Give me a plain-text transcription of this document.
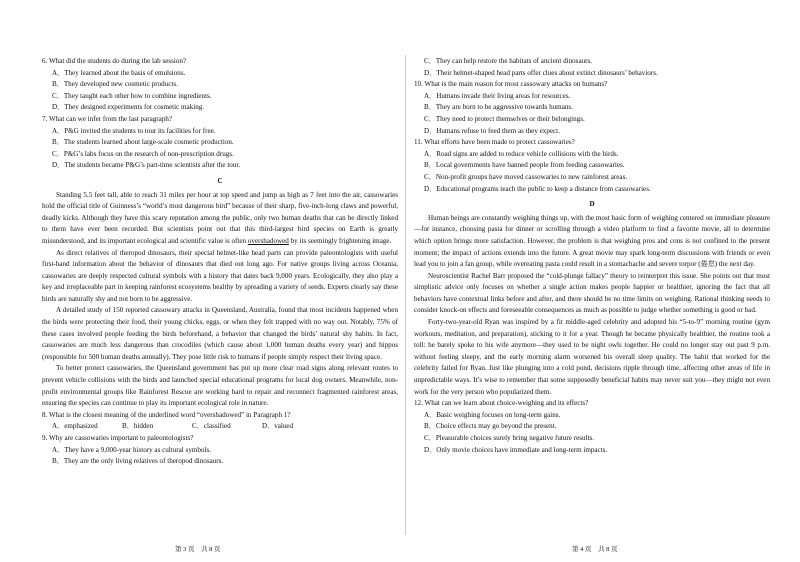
6. What did the students do during the lab session?

A．They learned about the basis of emulsions.

B．They developed new cosmetic products.

C．They taught each other how to combine ingredients.

D．They designed experiments for cosmetic making.

7. What can we infer from the last paragraph?

A．P&G invited the students to tour its facilities for free.

B．The students learned about large-scale cosmetic production.

C．P&G’s labs focus on the research of non-prescription drugs.

D．The students became P&G’s part-time scientists after the tour.

C

Standing 5.5 feet tall, able to reach 31 miles per hour at top speed and jump as high as 7 feet into the air, cassowaries hold the official title of Guinness’s “world’s most dangerous bird” because of their sharp, five-inch-long claws and powerful, deadly kicks. Although they have this scary reputation among the public, only two human deaths that can be directly linked to them have ever been recorded. But scientists point out that this third-largest bird species on Earth is greatly misunderstood, and its important ecological and scientific value is often overshadowed by its seemingly frightening image.

As direct relatives of theropod dinosaurs, their special helmet-like head parts can provide paleontologists with useful first-hand information about the behavior of dinosaurs that died out long ago. For native groups living across Oceania, cassowaries are deeply respected cultural symbols with a history that dates back 9,000 years. Ecologically, they also play a key and irreplaceable part in keeping rainforest ecosystems healthy by spreading a variety of seeds. Experts clearly say these birds are naturally shy and not born to be aggressive.

A detailed study of 150 reported cassowary attacks in Queensland, Australia, found that most incidents happened when the birds were protecting their food, their young chicks, eggs, or when they felt trapped with no way out. Notably, 75% of these cases involved people feeding the birds beforehand, a behavior that changed the birds’ natural shy habits. In fact, cassowaries are much less dangerous than crocodiles (which cause about 1,000 human deaths every year) and hippos (responsible for 500 human deaths annually). They pose little risk to humans if people simply respect their living space.

To better protect cassowaries, the Queensland government has put up more clear road signs along relevant routes to prevent vehicle collisions with the birds and launched special educational programs for local dog owners. Meanwhile, non-profit environmental groups like Rainforest Rescue are working hard to repair and reconnect fragmented rainforest areas, ensuring the species can continue to play its important ecological role in nature.

8. What is the closest meaning of the underlined word “overshadowed” in Paragraph 1?

A．emphasized	B．hidden	C．classified	D．valued

9. Why are cassowaries important to paleontologists?

A．They have a 9,000-year history as cultural symbols.

B．They are the only living relatives of theropod dinosaurs.

第 3 页　共 8 页

C．They can help restore the habitats of ancient dinosaurs.

D．Their helmet-shaped head parts offer clues about extinct dinosaurs’ behaviors.

10. What is the main reason for most cassowary attacks on humans?

A．Humans invade their living areas for resources.

B．They are born to be aggressive towards humans.

C．They need to protect themselves or their belongings.

D．Humans refuse to feed them as they expect.

11. What efforts have been made to protect cassowaries?

A．Road signs are added to reduce vehicle collisions with the birds.

B．Local governments have banned people from feeding cassowaries.

C．Non-profit groups have moved cassowaries to new rainforest areas.

D．Educational programs teach the public to keep a distance from cassowaries.

D

Human beings are constantly weighing things up, with the most basic form of weighing centered on immediate pleasure—for instance, choosing pasta for dinner or scrolling through a video platform to find a favorite movie, all to determine which option brings more satisfaction. However, the problem is that weighing pros and cons is not confined to the present moment; the impact of actions extends into the future. A great movie may spark long-term discussions with friends or even lead you to join a fan group, while overeating pasta could result in a stomachache and severe torpor (倦怠) the next day.

Neuroscientist Rachel Barr proposed the “cold-plunge fallacy” theory to reinterpret this issue. She points out that most simplistic advice only focuses on whether a single action makes people happier or healthier, ignoring the fact that all behaviors have contextual links before and after, and there should be no time limits on weighing. Rational thinking needs to consider knock-on effects and foreseeable consequences as much as possible to judge whether something is good or bad.

Forty-two-year-old Ryan was inspired by a fit middle-aged celebrity and adopted his “5-to-9” morning routine (gym workouts, meditation, and preparation), sticking to it for a year. Though he became physically healthier, the routine took a toll: he barely spoke to his wife anymore—they used to be night owls together. He could no longer stay out past 9 p.m. without feeling sleepy, and the early morning alarm worsened his overall sleep quality. The habit that worked for the celebrity failed for Ryan. Just like plunging into a cold pond, decisions ripple through time, affecting other areas of life in unpredictable ways. It’s wise to remember that some supposedly beneficial habits may never suit you—they might not even work for the very person who popularized them.

12. What can we learn about choice-weighing and its effects?

A．Basic weighing focuses on long-term gains.

B．Choice effects may go beyond the present.

C．Pleasurable choices surely bring negative future results.

D．Only movie choices have immediate and long-term impacts.

第 4 页　共 8 页
